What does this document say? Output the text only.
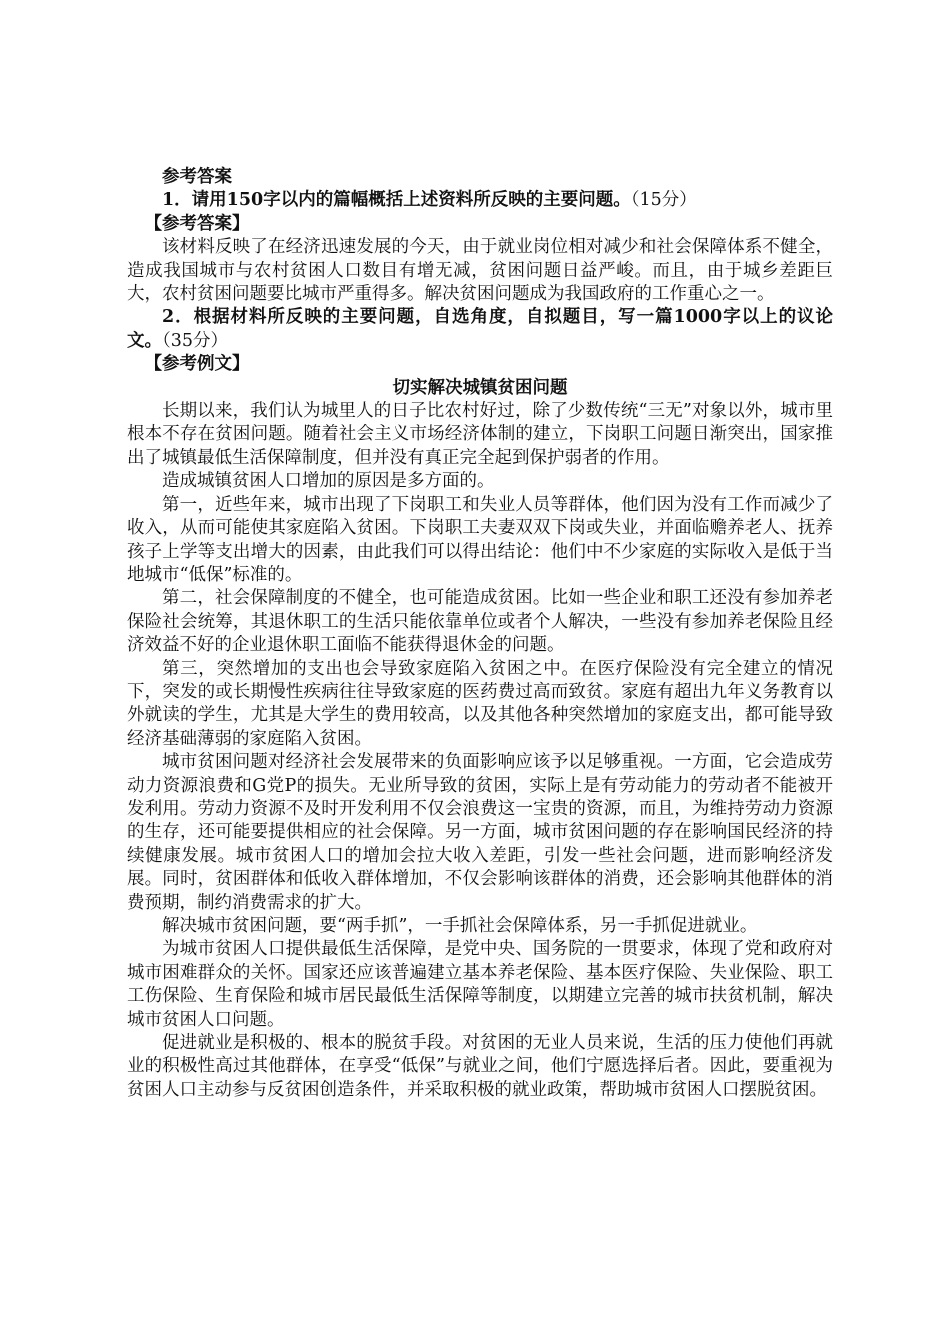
参考答案

1．请用150字以内的篇幅概括上述资料所反映的主要问题。（15分）

【参考答案】

该材料反映了在经济迅速发展的今天，由于就业岗位相对减少和社会保障体系不健全，造成我国城市与农村贫困人口数目有增无减，贫困问题日益严峻。而且，由于城乡差距巨大，农村贫困问题要比城市严重得多。解决贫困问题成为我国政府的工作重心之一。

2．根据材料所反映的主要问题，自选角度，自拟题目，写一篇1000字以上的议论文。（35分）

【参考例文】

切实解决城镇贫困问题

长期以来，我们认为城里人的日子比农村好过，除了少数传统“三无”对象以外，城市里根本不存在贫困问题。随着社会主义市场经济体制的建立，下岗职工问题日渐突出，国家推出了城镇最低生活保障制度，但并没有真正完全起到保护弱者的作用。

造成城镇贫困人口增加的原因是多方面的。

第一，近些年来，城市出现了下岗职工和失业人员等群体，他们因为没有工作而减少了收入，从而可能使其家庭陷入贫困。下岗职工夫妻双双下岗或失业，并面临赡养老人、抚养孩子上学等支出增大的因素，由此我们可以得出结论：他们中不少家庭的实际收入是低于当地城市“低保”标准的。

第二，社会保障制度的不健全，也可能造成贫困。比如一些企业和职工还没有参加养老保险社会统筹，其退休职工的生活只能依靠单位或者个人解决，一些没有参加养老保险且经济效益不好的企业退休职工面临不能获得退休金的问题。

第三，突然增加的支出也会导致家庭陷入贫困之中。在医疗保险没有完全建立的情况下，突发的或长期慢性疾病往往导致家庭的医药费过高而致贫。家庭有超出九年义务教育以外就读的学生，尤其是大学生的费用较高，以及其他各种突然增加的家庭支出，都可能导致经济基础薄弱的家庭陷入贫困。

城市贫困问题对经济社会发展带来的负面影响应该予以足够重视。一方面，它会造成劳动力资源浪费和G党P的损失。无业所导致的贫困，实际上是有劳动能力的劳动者不能被开发利用。劳动力资源不及时开发利用不仅会浪费这一宝贵的资源，而且，为维持劳动力资源的生存，还可能要提供相应的社会保障。另一方面，城市贫困问题的存在影响国民经济的持续健康发展。城市贫困人口的增加会拉大收入差距，引发一些社会问题，进而影响经济发展。同时，贫困群体和低收入群体增加，不仅会影响该群体的消费，还会影响其他群体的消费预期，制约消费需求的扩大。

解决城市贫困问题，要“两手抓”，一手抓社会保障体系，另一手抓促进就业。

为城市贫困人口提供最低生活保障，是党中央、国务院的一贯要求，体现了党和政府对城市困难群众的关怀。国家还应该普遍建立基本养老保险、基本医疗保险、失业保险、职工工伤保险、生育保险和城市居民最低生活保障等制度，以期建立完善的城市扶贫机制，解决城市贫困人口问题。

促进就业是积极的、根本的脱贫手段。对贫困的无业人员来说，生活的压力使他们再就业的积极性高过其他群体，在享受“低保”与就业之间，他们宁愿选择后者。因此，要重视为贫困人口主动参与反贫困创造条件，并采取积极的就业政策，帮助城市贫困人口摆脱贫困。
